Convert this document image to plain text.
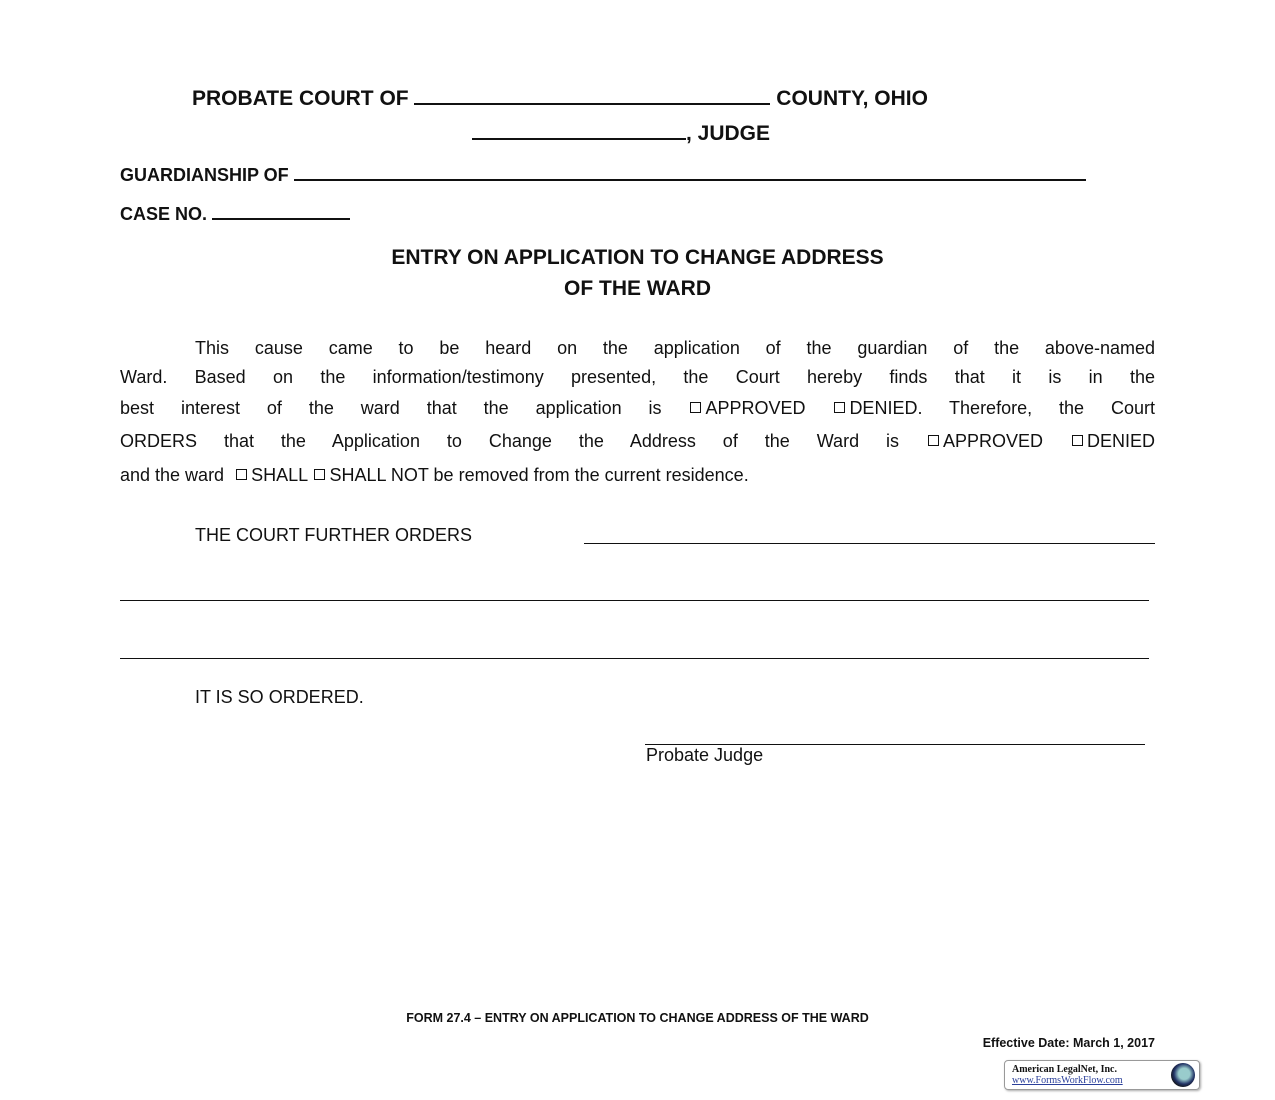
PROBATE COURT OF	COUNTY, OHIO
, JUDGE
GUARDIANSHIP OF
CASE NO.
ENTRY ON APPLICATION TO CHANGE ADDRESS
OF THE WARD
This cause came to be heard on the application of the guardian of the above-named
Ward. Based on the information/testimony presented, the Court hereby finds that it is in the
best interest of the ward that the application is APPROVED DENIED. Therefore, the Court
ORDERS that the Application to Change the Address of the Ward is APPROVED DENIED
and the ward SHALL SHALL NOT be removed from the current residence.
THE COURT FURTHER ORDERS
IT IS SO ORDERED.
Probate Judge
FORM 27.4 – ENTRY ON APPLICATION TO CHANGE ADDRESS OF THE WARD
Effective Date: March 1, 2017
American LegalNet, Inc.
www.FormsWorkFlow.com
